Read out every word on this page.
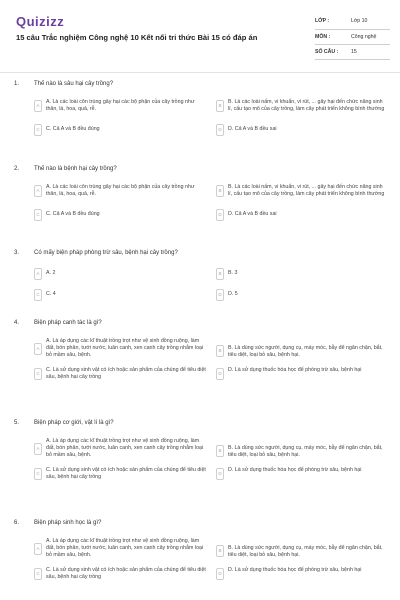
Quizizz
15 câu Trắc nghiệm Công nghệ 10 Kết nối tri thức Bài 15 có đáp án
LỚP :	Lớp 10
MÔN :	Công nghệ
SỐ CÂU :	15
1. Thế nào là sâu hại cây trồng?
A
A. Là các loài côn trùng gây hại các bộ phận của cây trồng như thân, lá, hoa, quả, rễ.
B
B. Là các loài nấm, vi khuẩn, vi rút, ... gây hại đến chức năng sinh lí, cấu tạo mô của cây trồng, làm cây phát triển không bình thường
C	C. Cả A và B đều đúng	D	D. Cả A và B đều sai
2. Thế nào là bệnh hại cây trồng?
A
A. Là các loài côn trùng gây hại các bộ phận của cây trồng như thân, lá, hoa, quả, rễ.
B
B. Là các loài nấm, vi khuẩn, vi rút, ... gây hại đến chức năng sinh lí, cấu tạo mô của cây trồng, làm cây phát triển không bình thường
C	C. Cả A và B đều đúng	D	D. Cả A và B đều sai
3. Có mấy biện pháp phòng trừ sâu, bệnh hại cây trồng?
A	A. 2	B	B. 3
C	C. 4	D	D. 5
4. Biện pháp canh tác là gì?
A
A. Là áp dụng các kĩ thuật trồng trọt như vệ sinh đồng ruộng, làm đất, bón phân, tưới nước, luân canh, xen canh cây trồng nhằm loại bỏ mầm sâu, bệnh.
B	B. Là dùng sức người, dụng cụ, máy móc, bẫy để ngăn chặn, bắt, tiêu diệt, loại bỏ sâu, bệnh hại.
C
C. Là sử dụng sinh vật có ích hoặc sản phẩm của chúng để tiêu diệt sâu, bệnh hại cây trồng
D
D. Là sử dụng thuốc hóa học để phòng trừ sâu, bệnh hại
5. Biện pháp cơ giới, vật lí là gì?
A
A. Là áp dụng các kĩ thuật trồng trọt như vệ sinh đồng ruộng, làm đất, bón phân, tưới nước, luân canh, xen canh cây trồng nhằm loại bỏ mầm sâu, bệnh.
B	B. Là dùng sức người, dụng cụ, máy móc, bẫy để ngăn chặn, bắt, tiêu diệt, loại bỏ sâu, bệnh hại.
C
C. Là sử dụng sinh vật có ích hoặc sản phẩm của chúng để tiêu diệt sâu, bệnh hại cây trồng
D
D. Là sử dụng thuốc hóa học để phòng trừ sâu, bệnh hại
6. Biện pháp sinh học là gì?
A
A. Là áp dụng các kĩ thuật trồng trọt như vệ sinh đồng ruộng, làm đất, bón phân, tưới nước, luân canh, xen canh cây trồng nhằm loại bỏ mầm sâu, bệnh.
B	B. Là dùng sức người, dụng cụ, máy móc, bẫy để ngăn chặn, bắt, tiêu diệt, loại bỏ sâu, bệnh hại.
C
C. Là sử dụng sinh vật có ích hoặc sản phẩm của chúng để tiêu diệt sâu, bệnh hại cây trồng
D
D. Là sử dụng thuốc hóa học để phòng trừ sâu, bệnh hại
